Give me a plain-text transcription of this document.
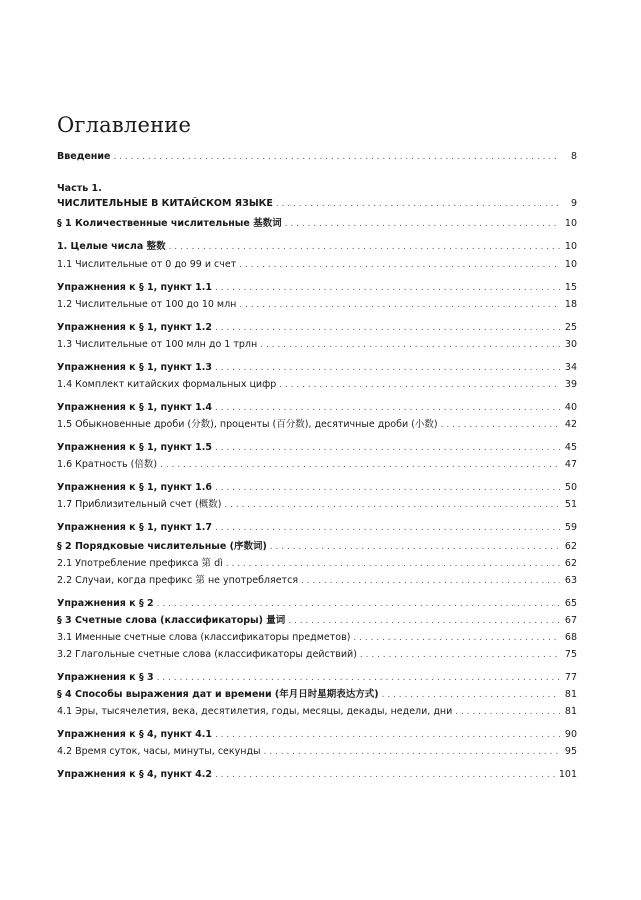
Оглавление
Часть 1.
Введение . . .	8
ЧИСЛИТЕЛЬНЫЕ В КИТАЙСКОМ ЯЗЫКЕ . . .	9
§ 1 Количественные числительные 基数词 . . .	10
1. Целые числа 整数 . . .	10
1.1 Числительные от 0 до 99 и счет . . .	10
Упражнения к § 1, пункт 1.1 . . .	15
1.2 Числительные от 100 до 10 млн . . .	18
Упражнения к § 1, пункт 1.2 . . .	25
1.3 Числительные от 100 млн до 1 трлн . . .	30
Упражнения к § 1, пункт 1.3 . . .	34
1.4 Комплект китайских формальных цифр . . .	39
Упражнения к § 1, пункт 1.4 . . .	40
1.5 Обыкновенные дроби (分数), проценты (百分数), десятичные дроби (小数) . . .	42
Упражнения к § 1, пункт 1.5 . . .	45
1.6 Кратность (倍数) . . .	47
Упражнения к § 1, пункт 1.6 . . .	50
1.7 Приблизительный счет (概数) . . .	51
Упражнения к § 1, пункт 1.7 . . .	59
§ 2 Порядковые числительные (序数词) . . .	62
2.1 Употребление префикса 第 dì . . .	62
2.2 Случаи, когда префикс 第 не употребляется . . .	63
Упражнения к § 2 . . .	65
§ 3 Счетные слова (классификаторы) 量词 . . .	67
3.1 Именные счетные слова (классификаторы предметов) . . .	68
3.2 Глагольные счетные слова (классификаторы действий) . . .	75
Упражнения к § 3 . . .	77
§ 4 Способы выражения дат и времени (年月日时星期表达方式) . . .	81
4.1 Эры, тысячелетия, века, десятилетия, годы, месяцы, декады, недели, дни . . .	81
Упражнения к § 4, пункт 4.1 . . .	90
4.2 Время суток, часы, минуты, секунды . . .	95
Упражнения к § 4, пункт 4.2 . . .	101
